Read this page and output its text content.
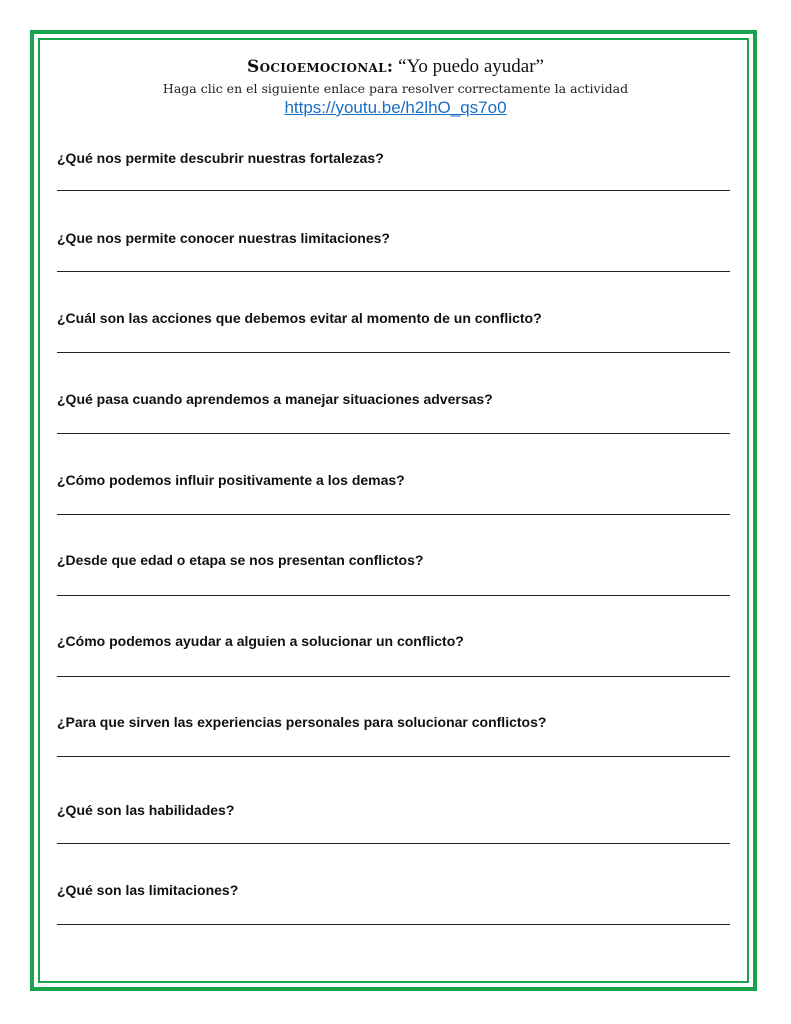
Socioemocional: “Yo puedo ayudar”
Haga clic en el siguiente enlace para resolver correctamente la actividad
https://youtu.be/h2lhO_qs7o0
¿Qué nos permite descubrir nuestras fortalezas?
¿Que nos permite conocer nuestras limitaciones?
¿Cuál son las acciones que debemos evitar al momento de un conflicto?
¿Qué pasa cuando aprendemos a manejar situaciones adversas?
¿Cómo podemos influir positivamente a los demas?
¿Desde que edad o etapa se nos presentan conflictos?
¿Cómo podemos ayudar a alguien a solucionar un conflicto?
¿Para que sirven las experiencias personales para solucionar conflictos?
¿Qué son las habilidades?
¿Qué son las limitaciones?
